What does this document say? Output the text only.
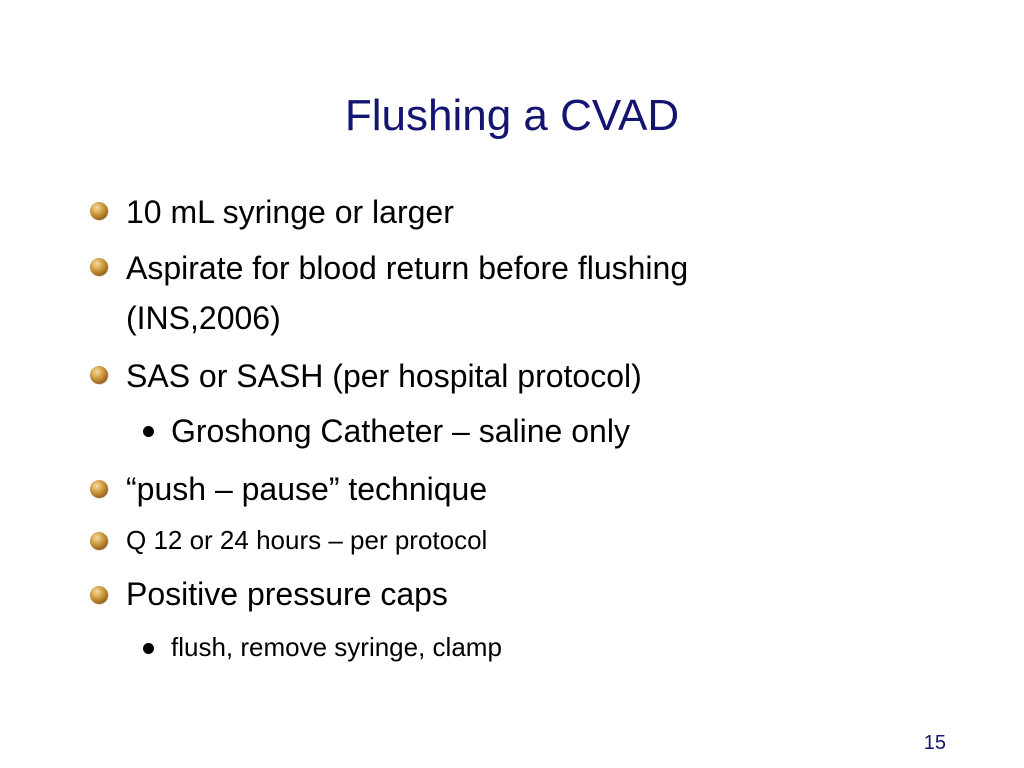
Flushing a CVAD
10 mL syringe or larger
Aspirate for blood return before flushing
(INS,2006)
SAS or SASH (per hospital protocol)
Groshong Catheter – saline only
“push – pause” technique
Q 12 or 24 hours – per protocol
Positive pressure caps
flush, remove syringe, clamp
15
